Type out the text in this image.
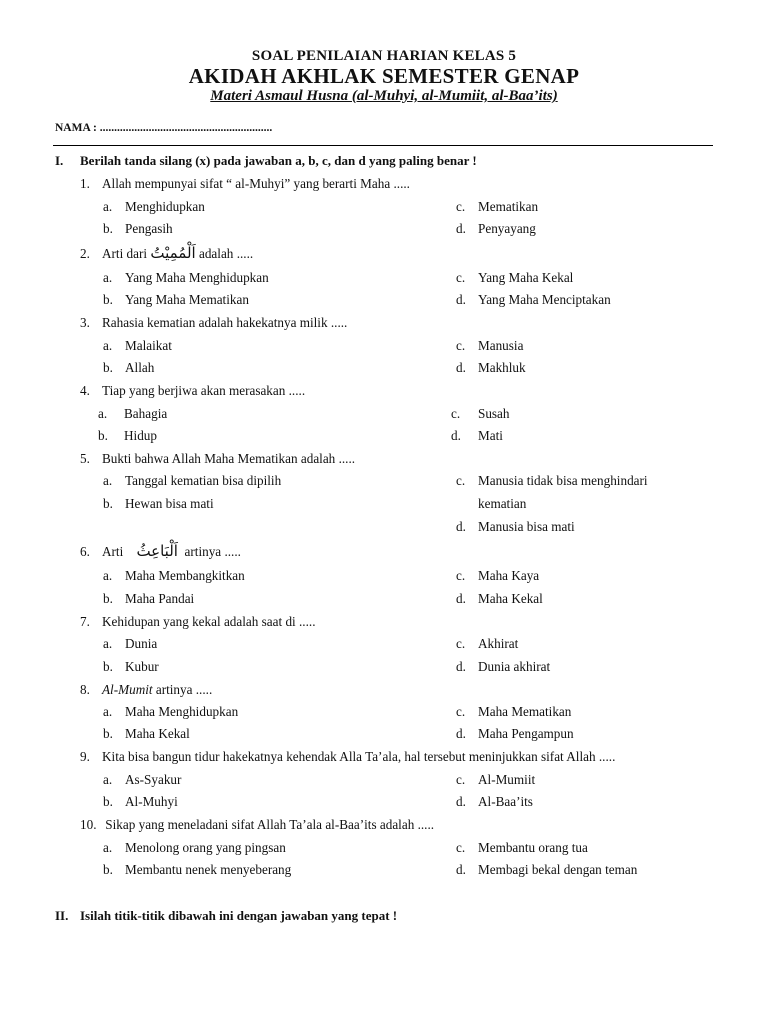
SOAL PENILAIAN HARIAN KELAS 5
AKIDAH AKHLAK SEMESTER GENAP
Materi Asmaul Husna (al-Muhyi, al-Mumiit, al-Baa’its)
NAMA : ............................................................
I. Berilah tanda silang (x) pada jawaban a, b, c, dan d yang paling benar !
1. Allah mempunyai sifat “ al-Muhyi” yang berarti Maha .....
a. Menghidupkan	c. Mematikan
b. Pengasih	d. Penyayang
2. Arti dari اَلْمُمِيْتُ adalah .....
a. Yang Maha Menghidupkan	c. Yang Maha Kekal
b. Yang Maha Mematikan	d. Yang Maha Menciptakan
3. Rahasia kematian adalah hakekatnya milik .....
a. Malaikat	c. Manusia
b. Allah	d. Makhluk
4. Tiap yang berjiwa akan merasakan .....
a. Bahagia	c. Susah
b. Hidup	d. Mati
5. Bukti bahwa Allah Maha Mematikan adalah .....
a. Tanggal kematian bisa dipilih	c. Manusia tidak bisa menghindari
b. Hewan bisa mati	kematian
d. Manusia bisa mati
6. Arti اَلْبَاعِثُ artinya .....
a. Maha Membangkitkan	c. Maha Kaya
b. Maha Pandai	d. Maha Kekal
7. Kehidupan yang kekal adalah saat di .....
a. Dunia	c. Akhirat
b. Kubur	d. Dunia akhirat
8. Al-Mumit artinya .....
a. Maha Menghidupkan	c. Maha Mematikan
b. Maha Kekal	d. Maha Pengampun
9. Kita bisa bangun tidur hakekatnya kehendak Alla Ta’ala, hal tersebut meninjukkan sifat Allah .....
a. As-Syakur	c. Al-Mumiit
b. Al-Muhyi	d. Al-Baa’its
10. Sikap yang meneladani sifat Allah Ta’ala al-Baa’its adalah .....
a. Menolong orang yang pingsan	c. Membantu orang tua
b. Membantu nenek menyeberang	d. Membagi bekal dengan teman
II. Isilah titik-titik dibawah ini dengan jawaban yang tepat !
